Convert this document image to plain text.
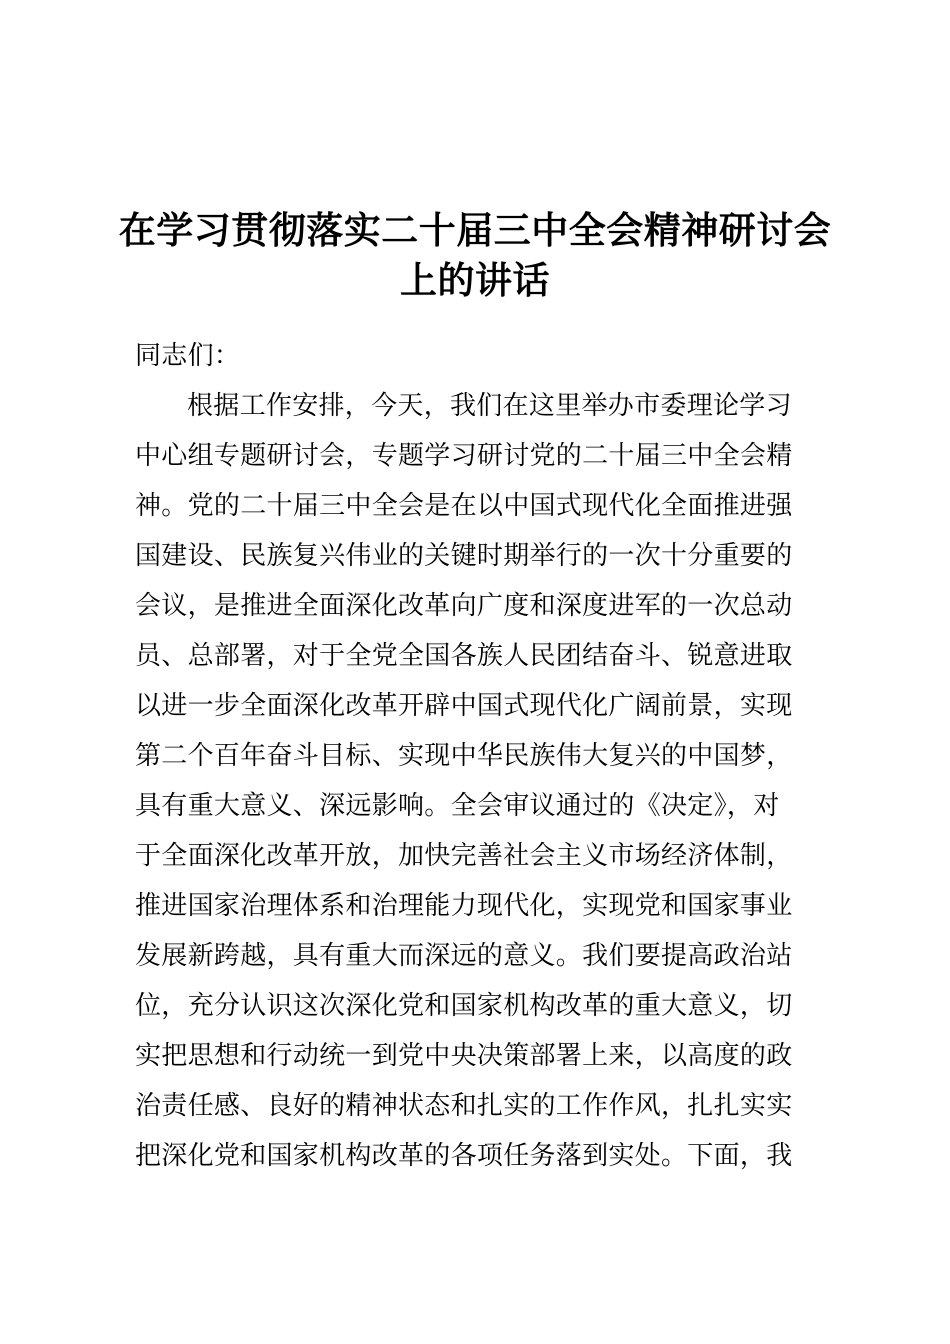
在学习贯彻落实二十届三中全会精神研讨会
上的讲话
同志们：
根据工作安排，今天，我们在这里举办市委理论学习
中心组专题研讨会，专题学习研讨党的二十届三中全会精
神。党的二十届三中全会是在以中国式现代化全面推进强
国建设、民族复兴伟业的关键时期举行的一次十分重要的
会议，是推进全面深化改革向广度和深度进军的一次总动
员、总部署，对于全党全国各族人民团结奋斗、锐意进取
以进一步全面深化改革开辟中国式现代化广阔前景，实现
第二个百年奋斗目标、实现中华民族伟大复兴的中国梦，
具有重大意义、深远影响。全会审议通过的《决定》，对
于全面深化改革开放，加快完善社会主义市场经济体制，
推进国家治理体系和治理能力现代化，实现党和国家事业
发展新跨越，具有重大而深远的意义。我们要提高政治站
位，充分认识这次深化党和国家机构改革的重大意义，切
实把思想和行动统一到党中央决策部署上来，以高度的政
治责任感、良好的精神状态和扎实的工作作风，扎扎实实
把深化党和国家机构改革的各项任务落到实处。下面，我
